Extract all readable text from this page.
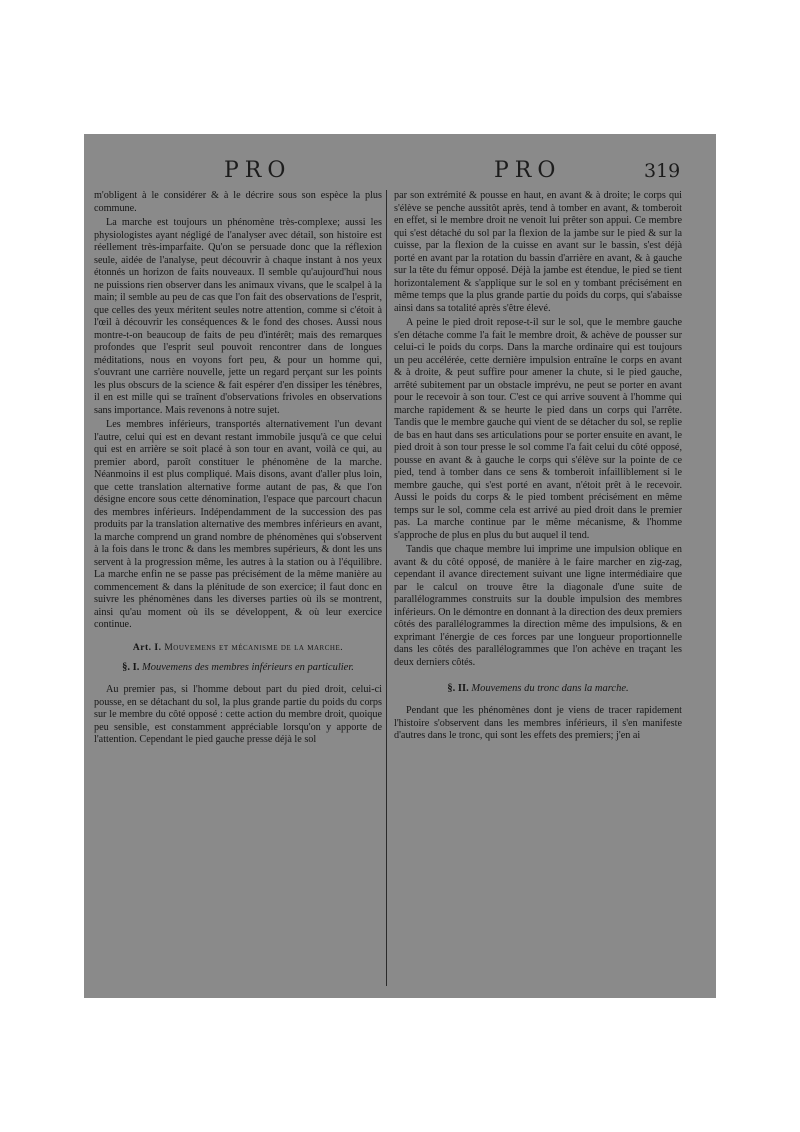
PRO	PRO	319

m'obligent à le considérer & à le décrire sous son espèce la plus commune.

La marche est toujours un phénomène très-complexe; aussi les physiologistes ayant négligé de l'analyser avec détail, son histoire est réellement très-imparfaite. Qu'on se persuade donc que la réflexion seule, aidée de l'analyse, peut découvrir à chaque instant à nos yeux étonnés un horizon de faits nouveaux. Il semble qu'aujourd'hui nous ne puissions rien observer dans les animaux vivans, que le scalpel à la main; il semble au peu de cas que l'on fait des observations de l'esprit, que celles des yeux méritent seules notre attention, comme si c'étoit à l'œil à découvrir les conséquences & le fond des choses. Aussi nous montre-t-on beaucoup de faits de peu d'intérêt; mais des remarques profondes que l'esprit seul pouvoit rencontrer dans de longues méditations, nous en voyons fort peu, & pour un homme qui, s'ouvrant une carrière nouvelle, jette un regard perçant sur les points les plus obscurs de la science & fait espérer d'en dissiper les ténèbres, il en est mille qui se traînent d'observations frivoles en observations sans importance. Mais revenons à notre sujet.

Les membres inférieurs, transportés alternativement l'un devant l'autre, celui qui est en devant restant immobile jusqu'à ce que celui qui est en arrière se soit placé à son tour en avant, voilà ce qui, au premier abord, paroît constituer le phénomène de la marche. Néanmoins il est plus compliqué. Mais disons, avant d'aller plus loin, que cette translation alternative forme autant de pas, & que l'on désigne encore sous cette dénomination, l'espace que parcourt chacun des membres inférieurs. Indépendamment de la succession des pas produits par la translation alternative des membres inférieurs en avant, la marche comprend un grand nombre de phénomènes qui s'observent à la fois dans le tronc & dans les membres supérieurs, & dont les uns servent à la progression même, les autres à la station ou à l'équilibre. La marche enfin ne se passe pas précisément de la même manière au commencement & dans la plénitude de son exercice; il faut donc en suivre les phénomènes dans les diverses parties où ils se montrent, ainsi qu'au moment où ils se développent, & où leur exercice continue.

Art. I. Mouvemens et mécanisme de la marche.
§. I. Mouvemens des membres inférieurs en particulier.

Au premier pas, si l'homme debout part du pied droit, celui-ci pousse, en se détachant du sol, la plus grande partie du poids du corps sur le membre du côté opposé : cette action du membre droit, quoique peu sensible, est constamment appréciable lorsqu'on y apporte de l'attention. Cependant le pied gauche presse déjà le sol

par son extrémité & pousse en haut, en avant & à droite; le corps qui s'élève se penche aussitôt après, tend à tomber en avant, & tomberoit en effet, si le membre droit ne venoit lui prêter son appui. Ce membre qui s'est détaché du sol par la flexion de la jambe sur le pied & sur la cuisse, par la flexion de la cuisse en avant sur le bassin, s'est déjà porté en avant par la rotation du bassin d'arrière en avant, & à gauche sur la tête du fémur opposé. Déjà la jambe est étendue, le pied se tient horizontalement & s'applique sur le sol en y tombant précisément en même temps que la plus grande partie du poids du corps, qui s'abaisse ainsi dans sa totalité après s'être élevé.

A peine le pied droit repose-t-il sur le sol, que le membre gauche s'en détache comme l'a fait le membre droit, & achève de pousser sur celui-ci le poids du corps. Dans la marche ordinaire qui est toujours un peu accélérée, cette dernière impulsion entraîne le corps en avant & à droite, & peut suffire pour amener la chute, si le pied gauche, arrêté subitement par un obstacle imprévu, ne peut se porter en avant pour le recevoir à son tour. C'est ce qui arrive souvent à l'homme qui marche rapidement & se heurte le pied dans un corps qui l'arrête. Tandis que le membre gauche qui vient de se détacher du sol, se replie de bas en haut dans ses articulations pour se porter ensuite en avant, le pied droit à son tour presse le sol comme l'a fait celui du côté opposé, pousse en avant & à gauche le corps qui s'élève sur la pointe de ce pied, tend à tomber dans ce sens & tomberoit infailliblement si le membre gauche, qui s'est porté en avant, n'étoit prêt à le recevoir. Aussi le poids du corps & le pied tombent précisément en même temps sur le sol, comme cela est arrivé au pied droit dans le premier pas. La marche continue par le même mécanisme, & l'homme s'approche de plus en plus du but auquel il tend.

Tandis que chaque membre lui imprime une impulsion oblique en avant & du côté opposé, de manière à le faire marcher en zig-zag, cependant il avance directement suivant une ligne intermédiaire que par le calcul on trouve être la diagonale d'une suite de parallélogrammes construits sur la double impulsion des membres inférieurs. On le démontre en donnant à la direction des deux premiers côtés des parallélogrammes la direction même des impulsions, & en exprimant l'énergie de ces forces par une longueur proportionnelle dans les côtés des parallélogrammes que l'on achève en traçant les deux derniers côtés.

§. II. Mouvemens du tronc dans la marche.

Pendant que les phénomènes dont je viens de tracer rapidement l'histoire s'observent dans les membres inférieurs, il s'en manifeste d'autres dans le tronc, qui sont les effets des premiers; j'en ai
